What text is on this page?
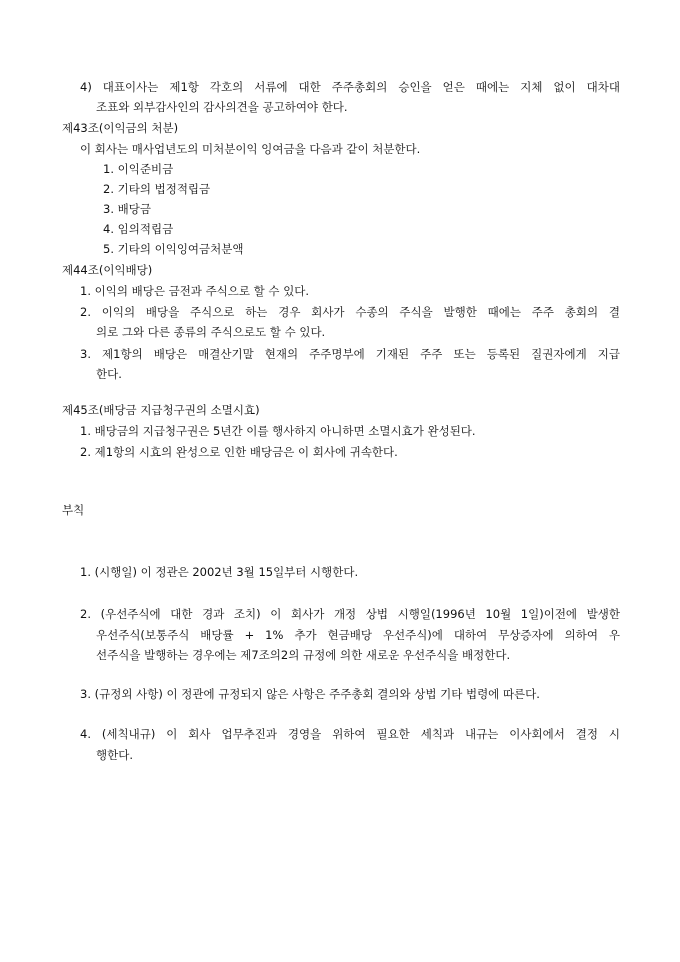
4) 대표이사는 제1항 각호의 서류에 대한 주주총회의 승인을 얻은 때에는 지체 없이 대차대
조표와 외부감사인의 감사의견을 공고하여야 한다.
제43조(이익금의 처분)
이 회사는 매사업년도의 미처분이익 잉여금을 다음과 같이 처분한다.
1. 이익준비금
2. 기타의 법정적립금
3. 배당금
4. 임의적립금
5. 기타의 이익잉여금처분액
제44조(이익배당)
1. 이익의 배당은 금전과 주식으로 할 수 있다.
2. 이익의 배당을 주식으로 하는 경우 회사가 수종의 주식을 발행한 때에는 주주 총회의 결
의로 그와 다른 종류의 주식으로도 할 수 있다.
3. 제1항의 배당은 매결산기말 현재의 주주명부에 기재된 주주 또는 등록된 질권자에게 지급
한다.
제45조(배당금 지급청구권의 소멸시효)
1. 배당금의 지급청구권은 5년간 이를 행사하지 아니하면 소멸시효가 완성된다.
2. 제1항의 시효의 완성으로 인한 배당금은 이 회사에 귀속한다.
부칙
1. (시행일) 이 정관은 2002년 3월 15일부터 시행한다.
2. (우선주식에 대한 경과 조치) 이 회사가 개정 상법 시행일(1996년 10월 1일)이전에 발생한
우선주식(보통주식 배당률 + 1% 추가 현금배당 우선주식)에 대하여 무상증자에 의하여 우
선주식을 발행하는 경우에는 제7조의2의 규정에 의한 새로운 우선주식을 배정한다.
3. (규정외 사항) 이 정관에 규정되지 않은 사항은 주주총회 결의와 상법 기타 법령에 따른다.
4. (세칙내규) 이 회사 업무추진과 경영을 위하여 필요한 세칙과 내규는 이사회에서 결정 시
행한다.
